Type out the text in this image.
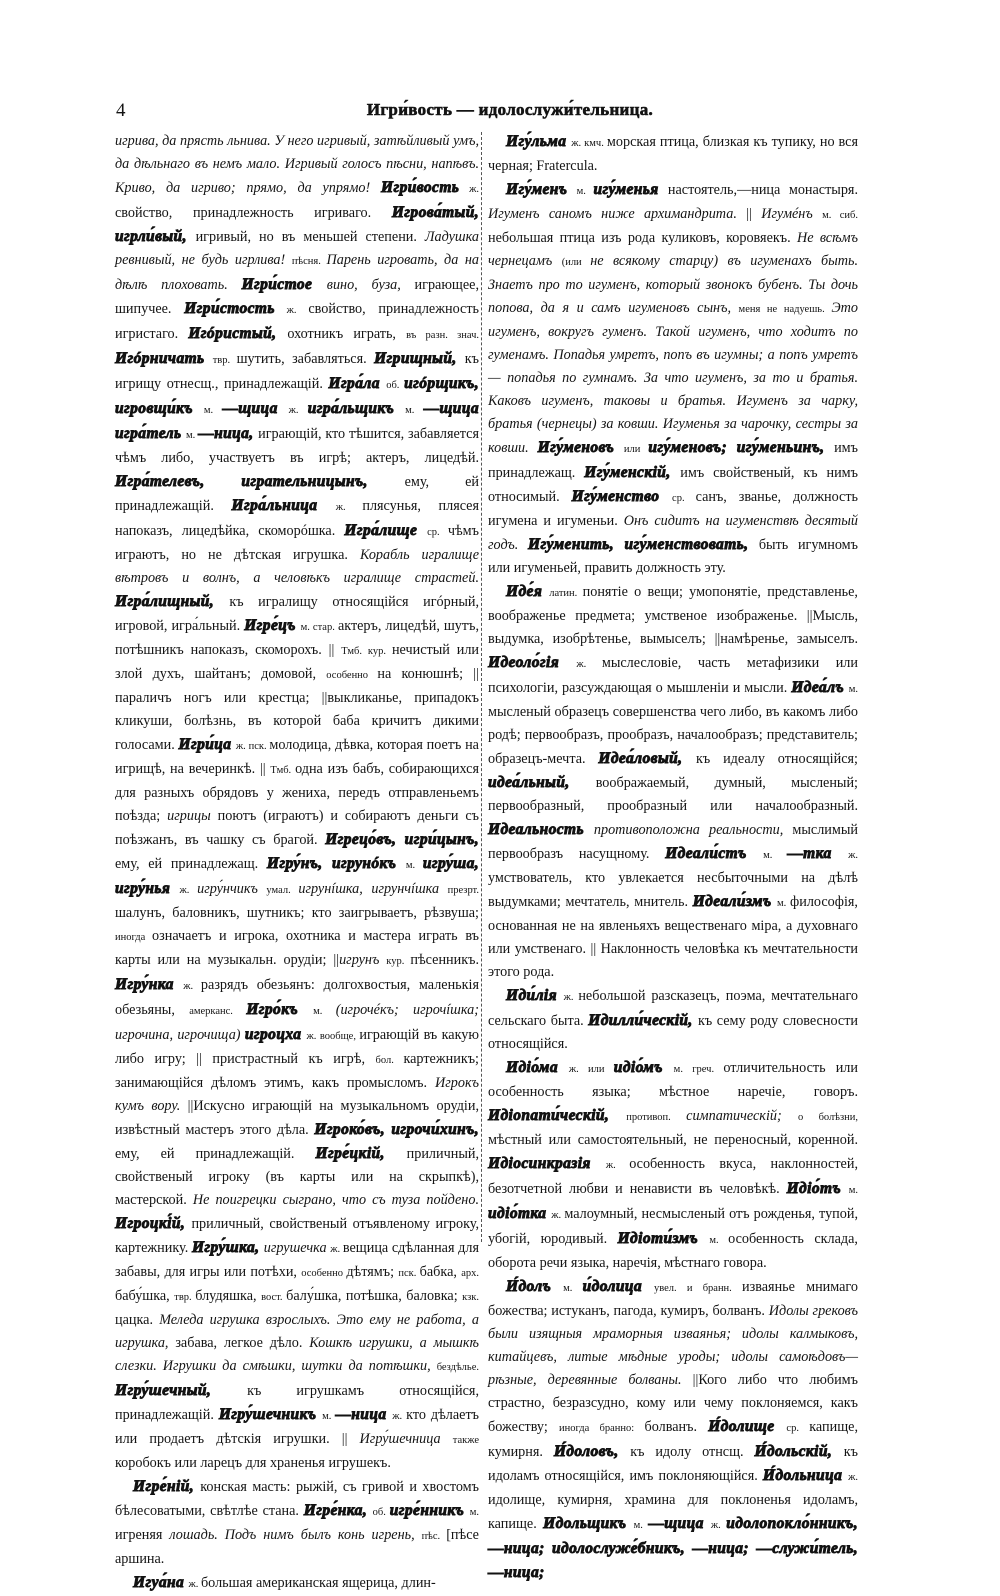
4	Игри́вость — идолослужи́тельница.

игрива, да прясть льнива. У него игривый, затѣйливый умъ, да дѣльнаго въ немъ мало. Игривый голосъ пѣсни, напѣвъ. Криво, да игриво; прямо, да упрямо! Игри́вость ж. свойство, принадлежность игриваго. Игрова́тый, игрли́вый, игривый, но въ меньшей степени. Ладушка ревнивый, не будь игрлива! пѣсня. Парень игровать, да на дѣлѣ плоховать. Игри́стое вино, буза, играющее, шипучее. Игри́стость ж. свойство, принадлежность игристаго. Игóристый, охотникъ играть, въ разн. знач. Игóрничать твр. шутить, забавляться. Игрищный, къ игрищу отнесщ., принадлежащій. Игра́ла об. игóрщикъ, игровщи́къ м. —щица ж. игра́льщикъ м. —щица игра́тель м. —ница, играющій, кто тѣшится, забавляется чѣмъ либо, участвуетъ въ игрѣ; актеръ, лицедѣй. Игра́телевъ, игрательницынъ, ему, ей принадлежащій. Игра́льница ж. плясунья, плясея напоказъ, лицедѣйка, скоморóшка. Игра́лище ср. чѣмъ играютъ, но не дѣтская игрушка. Корабль игралище вѣтровъ и волнъ, а человѣкъ игралище страстей. Игра́лищный, къ игралищу относящійся игóрный, игровой, игра́льный. Игре́цъ м. стар. актеръ, лицедѣй, шутъ, потѣшникъ напоказъ, скоморохъ. || Тмб. кур. нечистый или злой духъ, шайтанъ; домовой, особенно на конюшнѣ; ||параличъ ногъ или крестца; ||выкликанье, припадокъ кликуши, болѣзнь, въ которой баба кричитъ дикими голосами. Игри́ца ж. пск. молодица, дѣвка, которая поетъ на игрищѣ, на вечеринкѣ. || Тмб. одна изъ бабъ, собирающихся для разныхъ обрядовъ у жениха, передъ отправленьемъ поѣзда; игрицы поютъ (играютъ) и собираютъ деньги съ поѣзжанъ, въ чашку съ брагой. Игрецо́въ, игри́цынъ, ему, ей принадлежащ. Игру́нъ, игрунóкъ м. игру́ша, игру́нья ж. игру́нчикъ умал. игрунíшка, игрунчíшка презрт. шалунъ, баловникъ, шутникъ; кто заигрываетъ, рѣзвуша; иногда означаетъ и игрока, охотника и мастера играть въ карты или на музыкальн. орудіи; ||игрунъ кур. пѣсенникъ. Игру́нка ж. разрядъ обезьянъ: долгохвостыя, маленькія обезьяны, амерканс. Игро́къ м. (игрочéкъ; игрочíшка; игрочина, игрочища) игроцха ж. вообще, играющій въ какую либо игру; || пристрастный къ игрѣ, бол. картежникъ; занимающійся дѣломъ этимъ, какъ промысломъ. Игрокъ кумъ вору. ||Искусно играющій на музыкальномъ орудіи, извѣстный мастеръ этого дѣла. Игроко́въ, игрочи́хинъ, ему, ей принадлежащій. Игре́цкій, приличный, свойственый игроку (въ карты или на скрыпкѣ), мастерской. Не поигрецки сыграно, что съ туза пойдено. Игроцкі́й, приличный, свойственый отъявленому игроку, картежнику. Игру́шка, игрушечка ж. вещица сдѣланная для забавы, для игры или потѣхи, особенно дѣтямъ; пск. бабка, арх. бабу́шка, твр. блудяшка, вост. балу́шка, потѣшка, баловка; кзк. цацка. Меледа игрушка взрослыхъ. Это ему не работа, а игрушка, забава, легкое дѣло. Кошкѣ игрушки, а мышкѣ слезки. Игрушки да смѣшки, шутки да потѣшки, бездѣлье. Игру́шечный, къ игрушкамъ относящійся, принадлежащій. Игру́шечникъ м. —ница ж. кто дѣлаетъ или продаетъ дѣтскія игрушки. || Игру́шечница также коробокъ или ларецъ для храненья игрушекъ.

Игре́ній, конская масть: рыжій, съ гривой и хвостомъ бѣлесоватыми, свѣтлѣе стана. Игре́нка, об. игре́нникъ м. игреняя лошадь. Подъ нимъ былъ конь игрень, пѣс. [пѣсе аршина.

Игуа́на ж. большая американская ящерица, длин-

Игу́льма ж. кмч. морская птица, близкая къ тупику, но вся черная; Fratercula.

Игу́менъ м. игу́менья настоятель,—ница монастыря. Игуменъ саномъ ниже архимандрита. || Игумéнъ м. сиб. небольшая птица изъ рода куликовъ, коровяекъ. Не всѣмъ чернецамъ (или не всякому старцу) въ игуменахъ быть. Знаетъ про то игуменъ, который звонокъ бубенъ. Ты дочь попова, да я и самъ игуменовъ сынъ, меня не надуешь. Это игуменъ, вокругъ гуменъ. Такой игуменъ, что ходитъ по гуменамъ. Попадья умретъ, попъ въ игумны; а попъ умретъ — попадья по гумнамъ. За что игуменъ, за то и братья. Каковъ игуменъ, таковы и братья. Игуменъ за чарку, братья (чернецы) за ковши. Игуменья за чарочку, сестры за ковши. Игу́меновъ или игу́меновъ; игу́меньинъ, имъ принадлежащ. Игу́менскій, имъ свойственый, къ нимъ относимый. Игу́менство ср. санъ, званье, должность игумена и игуменьи. Онъ сидитъ на игуменствѣ десятый годъ. Игу́менить, игу́менствовать, быть игумномъ или игуменьей, править должность эту.

Иде́я латин. понятіе о вещи; умопонятіе, представленье, воображенье предмета; умственое изображенье. ||Мысль, выдумка, изобрѣтенье, вымыселъ; ||намѣренье, замыселъ. Идеоло́гія ж. мыслесловіе, часть метафизики или психологіи, разсуждающая о мышленіи и мысли. Идеа́лъ м. мысленый образецъ совершенства чего либо, въ какомъ либо родѣ; первообразъ, прообразъ, началообразъ; представитель; образецъ-мечта. Идеа́ловый, къ идеалу относящійся; идеа́льный, воображаемый, думный, мысленый; первообразный, прообразный или началообразный. Идеальность противоположна реальности, мыслимый первообразъ насущному. Идеали́стъ м. —тка ж. умствователь, кто увлекается несбыточными на дѣлѣ выдумками; мечтатель, мнитель. Идеали́змъ м. философія, основанная не на явленьяхъ вещественаго міра, а духовнаго или умственаго. || Наклонность человѣка къ мечтательности этого рода.

Иди́лія ж. небольшой разсказецъ, поэма, мечтательнаго сельскаго быта. Идилли́ческій, къ сему роду словесности относящійся.

Идіо́ма ж. или идіо́мъ м. греч. отличительность или особенность языка; мѣстное наречіе, говоръ. Идіопати́ческій, противоп. симпатическій; о болѣзни, мѣстный или самостоятельный, не переносный, коренной. Идіосинкразія ж. особенность вкуса, наклонностей, безотчетной любви и ненависти въ человѣкѣ. Идіо́тъ м. идіо́тка ж. малоумный, несмысленый отъ рожденья, тупой, убогій, юродивый. Идіоти́змъ м. особенность склада, оборота речи языка, наречія, мѣстнаго говора.

И́долъ м. и́долица увел. и бранн. изваянье мнимаго божества; истуканъ, пагода, кумиръ, болванъ. Идолы грековъ были изящныя мраморныя изваянья; идолы калмыковъ, китайцевъ, литые мѣдные уроды; идолы самоѣдовъ—рѣзные, деревянные болваны. ||Кого либо что любимъ страстно, безразсудно, кому или чему поклоняемся, какъ божеству; иногда бранно: болванъ. И́долище ср. капище, кумирня. И́доловъ, къ идолу отнсщ. И́дольскій, къ идоламъ относящійся, имъ поклоняющійся. И́дольница ж. идолище, кумирня, храмина для поклоненья идоламъ, капище. Идольщикъ м. —щица ж. идолопокло́нникъ, —ница; идолослуже́бникъ, —ница; —служи́тель, —ница;
